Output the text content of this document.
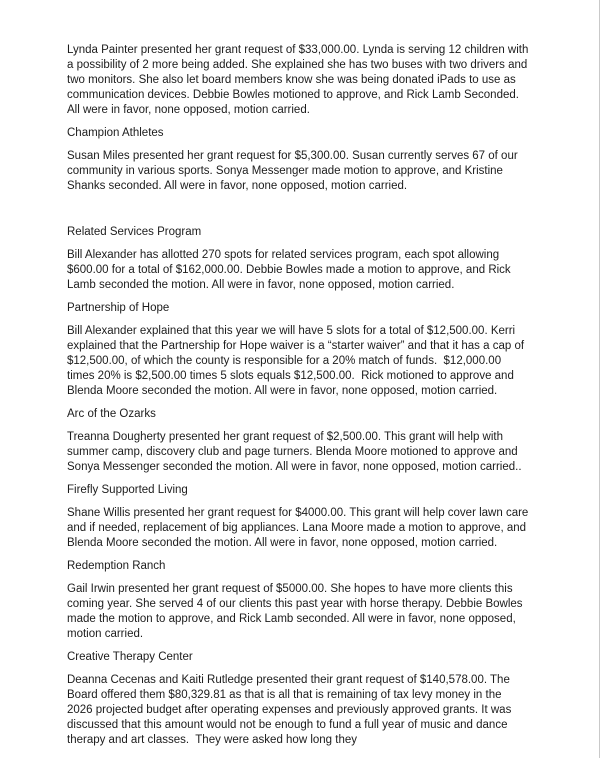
Lynda Painter presented her grant request of $33,000.00. Lynda is serving 12 children with a possibility of 2 more being added. She explained she has two buses with two drivers and two monitors. She also let board members know she was being donated iPads to use as communication devices. Debbie Bowles motioned to approve, and Rick Lamb Seconded. All were in favor, none opposed, motion carried.
Champion Athletes
Susan Miles presented her grant request for $5,300.00. Susan currently serves 67 of our community in various sports. Sonya Messenger made motion to approve, and Kristine Shanks seconded. All were in favor, none opposed, motion carried.
Related Services Program
Bill Alexander has allotted 270 spots for related services program, each spot allowing $600.00 for a total of $162,000.00. Debbie Bowles made a motion to approve, and Rick Lamb seconded the motion. All were in favor, none opposed, motion carried.
Partnership of Hope
Bill Alexander explained that this year we will have 5 slots for a total of $12,500.00. Kerri explained that the Partnership for Hope waiver is a “starter waiver” and that it has a cap of $12,500.00, of which the county is responsible for a 20% match of funds.  $12,000.00 times 20% is $2,500.00 times 5 slots equals $12,500.00.  Rick motioned to approve and Blenda Moore seconded the motion. All were in favor, none opposed, motion carried.
Arc of the Ozarks
Treanna Dougherty presented her grant request of $2,500.00. This grant will help with summer camp, discovery club and page turners. Blenda Moore motioned to approve and Sonya Messenger seconded the motion. All were in favor, none opposed, motion carried..
Firefly Supported Living
Shane Willis presented her grant request for $4000.00. This grant will help cover lawn care and if needed, replacement of big appliances. Lana Moore made a motion to approve, and Blenda Moore seconded the motion. All were in favor, none opposed, motion carried.
Redemption Ranch
Gail Irwin presented her grant request of $5000.00. She hopes to have more clients this coming year. She served 4 of our clients this past year with horse therapy. Debbie Bowles made the motion to approve, and Rick Lamb seconded. All were in favor, none opposed, motion carried.
Creative Therapy Center
Deanna Cecenas and Kaiti Rutledge presented their grant request of $140,578.00. The Board offered them $80,329.81 as that is all that is remaining of tax levy money in the 2026 projected budget after operating expenses and previously approved grants. It was discussed that this amount would not be enough to fund a full year of music and dance therapy and art classes.  They were asked how long they
